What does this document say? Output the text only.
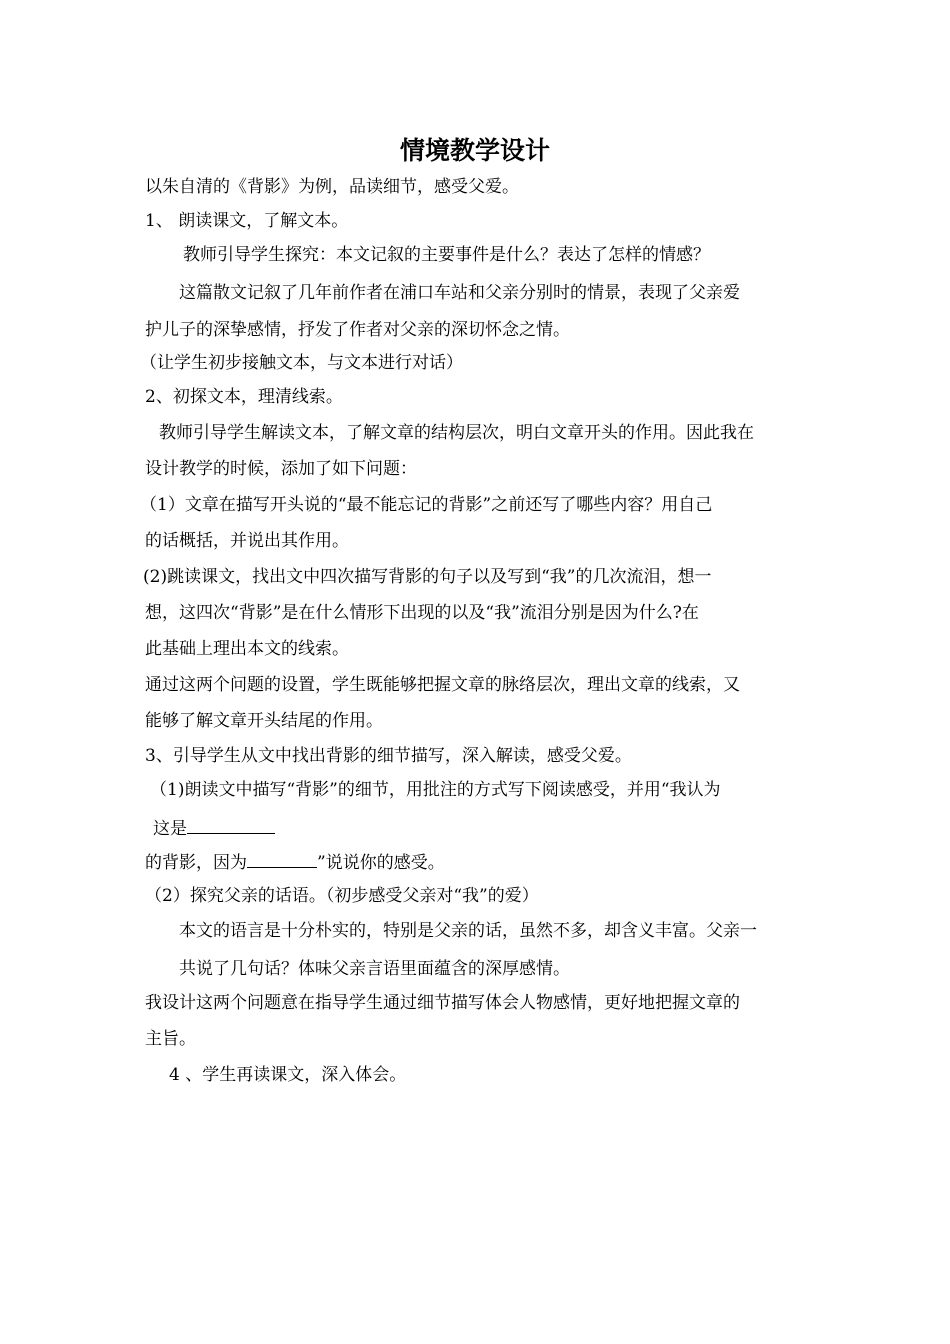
情境教学设计
以朱自清的《背影》为例，品读细节，感受父爱。
1、 朗读课文，了解文本。
教师引导学生探究：本文记叙的主要事件是什么？表达了怎样的情感？
这篇散文记叙了几年前作者在浦口车站和父亲分别时的情景，表现了父亲爱
护儿子的深挚感情，抒发了作者对父亲的深切怀念之情。
（让学生初步接触文本，与文本进行对话）
2、初探文本，理清线索。
教师引导学生解读文本，了解文章的结构层次，明白文章开头的作用。因此我在
设计教学的时候，添加了如下问题：
（1）文章在描写开头说的“最不能忘记的背影”之前还写了哪些内容？用自己
的话概括，并说出其作用。
(2)跳读课文，找出文中四次描写背影的句子以及写到“我”的几次流泪，想一
想，这四次“背影”是在什么情形下出现的以及“我”流泪分别是因为什么?在
此基础上理出本文的线索。
通过这两个问题的设置，学生既能够把握文章的脉络层次，理出文章的线索，又
能够了解文章开头结尾的作用。
3、引导学生从文中找出背影的细节描写，深入解读，感受父爱。
（1)朗读文中描写“背影”的细节，用批注的方式写下阅读感受，并用“我认为
这是
的背影，因为	”说说你的感受。
（2）探究父亲的话语。（初步感受父亲对“我”的爱）
本文的语言是十分朴实的，特别是父亲的话，虽然不多，却含义丰富。父亲一
共说了几句话？体味父亲言语里面蕴含的深厚感情。
我设计这两个问题意在指导学生通过细节描写体会人物感情，更好地把握文章的
主旨。
4 、学生再读课文，深入体会。
